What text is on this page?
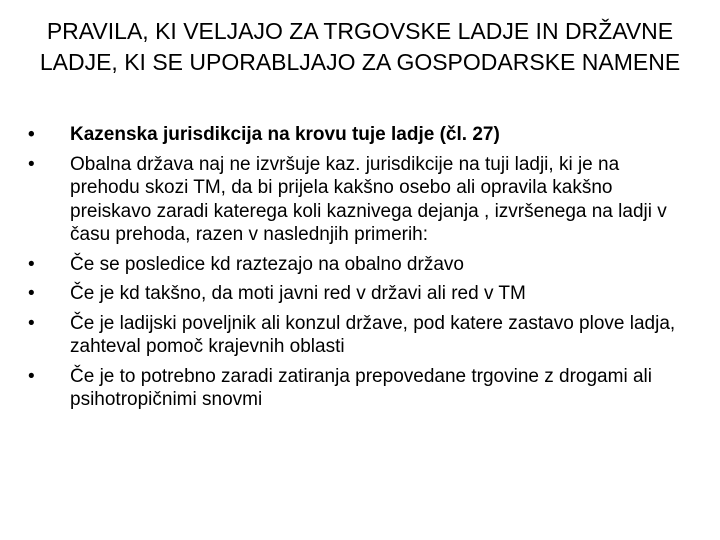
PRAVILA, KI VELJAJO ZA TRGOVSKE LADJE IN DRŽAVNE LADJE, KI SE UPORABLJAJO ZA GOSPODARSKE NAMENE
•	Kazenska jurisdikcija na krovu tuje ladje (čl. 27)
•	Obalna država naj ne izvršuje kaz. jurisdikcije na tuji ladji, ki je na prehodu skozi TM, da bi prijela kakšno osebo ali opravila kakšno preiskavo zaradi katerega koli kaznivega dejanja , izvršenega na ladji v času prehoda, razen v naslednjih primerih:
•	Če se posledice kd raztezajo na obalno državo
•	Če je kd takšno, da moti javni red v državi ali red v TM
•	Če je ladijski poveljnik ali konzul države, pod katere zastavo plove ladja, zahteval pomoč krajevnih oblasti
•	Če je to potrebno zaradi zatiranja prepovedane trgovine z drogami ali psihotropičnimi snovmi
